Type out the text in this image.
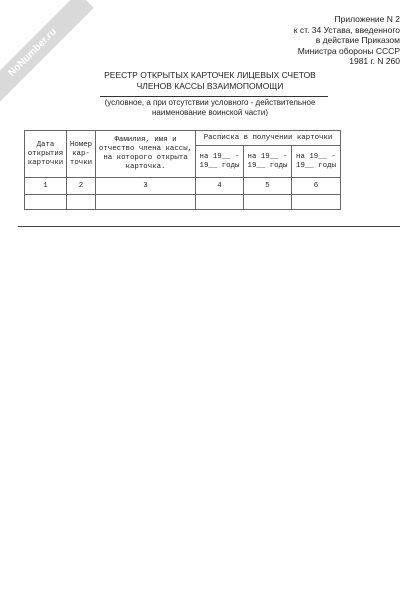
NoNumber.ru
Приложение N 2
к ст. 34 Устава, введенного
в действие Приказом
Министра обороны СССР
1981 г. N 260
РЕЕСТР ОТКРЫТЫХ КАРТОЧЕК ЛИЦЕВЫХ СЧЕТОВ
ЧЛЕНОВ КАССЫ ВЗАИМОПОМОЩИ
(условное, а при отсутствии условного - действительное
наименование воинской части)
Дата открытия карточки	Номер кар-точки	Фамилия, имя и отчество члена кассы, на которого открыта карточка.	Расписка в получении карточки		
			на 19__ - 19__ годы	на 19__ - 19__ годы	на 19__ - 19__ годы
1	2	3	4	5	6
